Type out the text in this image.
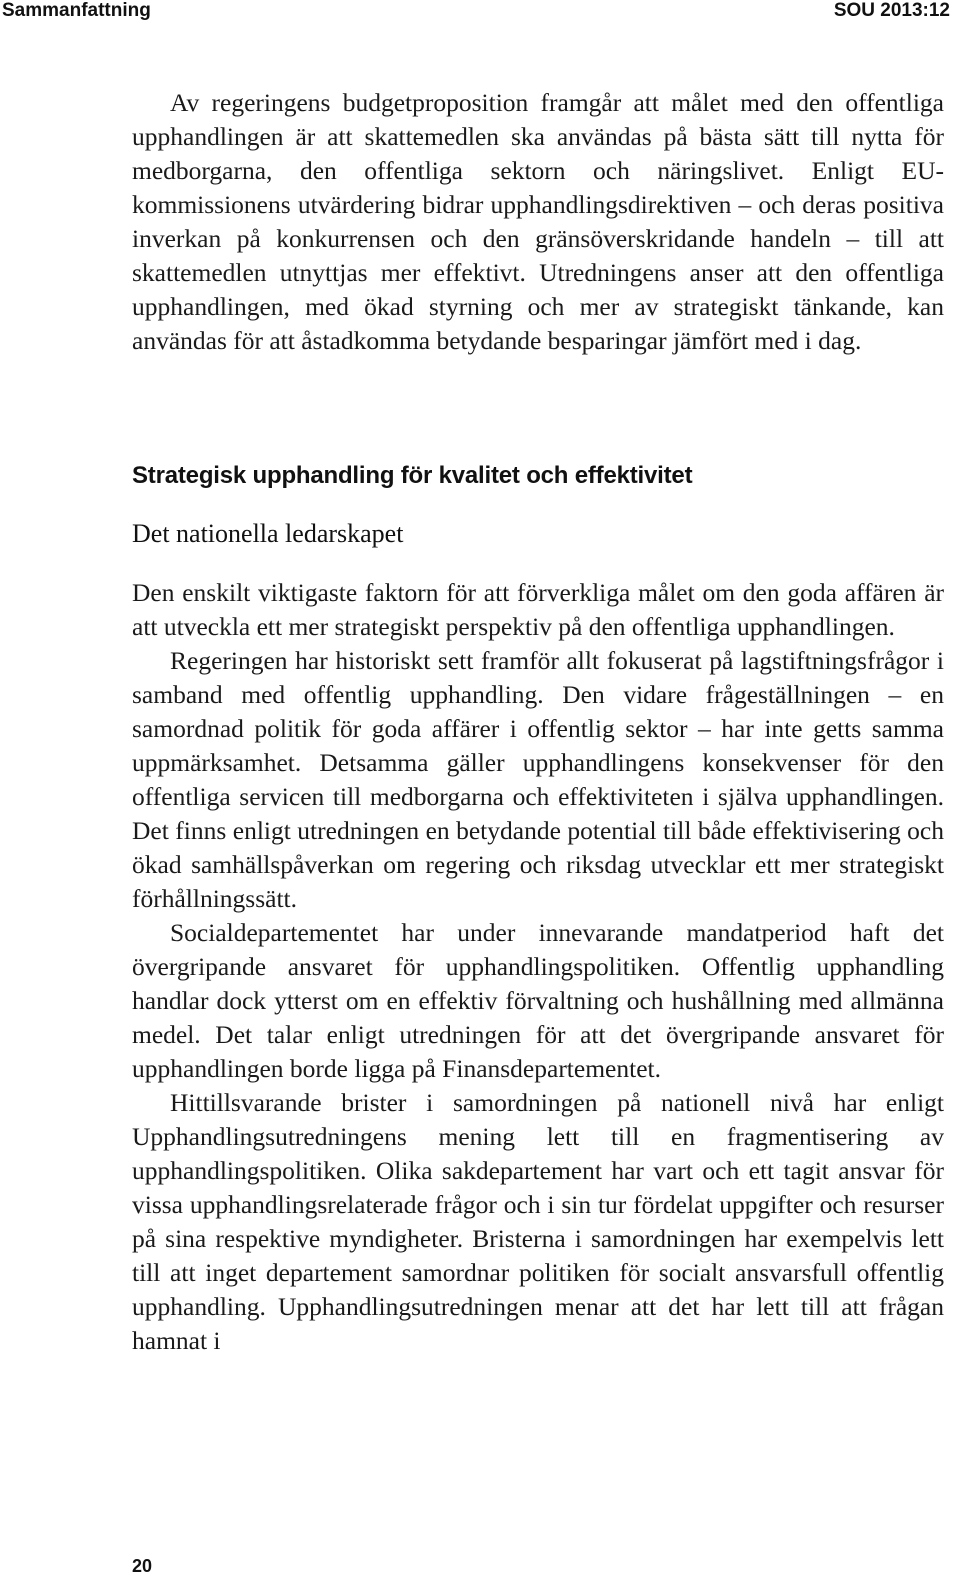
Sammanfattning	SOU 2013:12

Av regeringens budgetproposition framgår att målet med den offentliga upphandlingen är att skattemedlen ska användas på bästa sätt till nytta för medborgarna, den offentliga sektorn och näringslivet. Enligt EU-kommissionens utvärdering bidrar upphandlingsdirektiven – och deras positiva inverkan på konkurrensen och den gränsöverskridande handeln – till att skattemedlen utnyttjas mer effektivt. Utredningens anser att den offentliga upphandlingen, med ökad styrning och mer av strategiskt tänkande, kan användas för att åstadkomma betydande besparingar jämfört med i dag.

Strategisk upphandling för kvalitet och effektivitet
Det nationella ledarskapet

Den enskilt viktigaste faktorn för att förverkliga målet om den goda affären är att utveckla ett mer strategiskt perspektiv på den offentliga upphandlingen.

Regeringen har historiskt sett framför allt fokuserat på lagstiftningsfrågor i samband med offentlig upphandling. Den vidare frågeställningen – en samordnad politik för goda affärer i offentlig sektor – har inte getts samma uppmärksamhet. Detsamma gäller upphandlingens konsekvenser för den offentliga servicen till medborgarna och effektiviteten i själva upphandlingen. Det finns enligt utredningen en betydande potential till både effektivisering och ökad samhällspåverkan om regering och riksdag utvecklar ett mer strategiskt förhållningssätt.

Socialdepartementet har under innevarande mandatperiod haft det övergripande ansvaret för upphandlingspolitiken. Offentlig upphandling handlar dock ytterst om en effektiv förvaltning och hushållning med allmänna medel. Det talar enligt utredningen för att det övergripande ansvaret för upphandlingen borde ligga på Finansdepartementet.

Hittillsvarande brister i samordningen på nationell nivå har enligt Upphandlingsutredningens mening lett till en fragmentisering av upphandlingspolitiken. Olika sakdepartement har vart och ett tagit ansvar för vissa upphandlingsrelaterade frågor och i sin tur fördelat uppgifter och resurser på sina respektive myndigheter. Bristerna i samordningen har exempelvis lett till att inget departement samordnar politiken för socialt ansvarsfull offentlig upphandling. Upphandlingsutredningen menar att det har lett till att frågan hamnat i

20
